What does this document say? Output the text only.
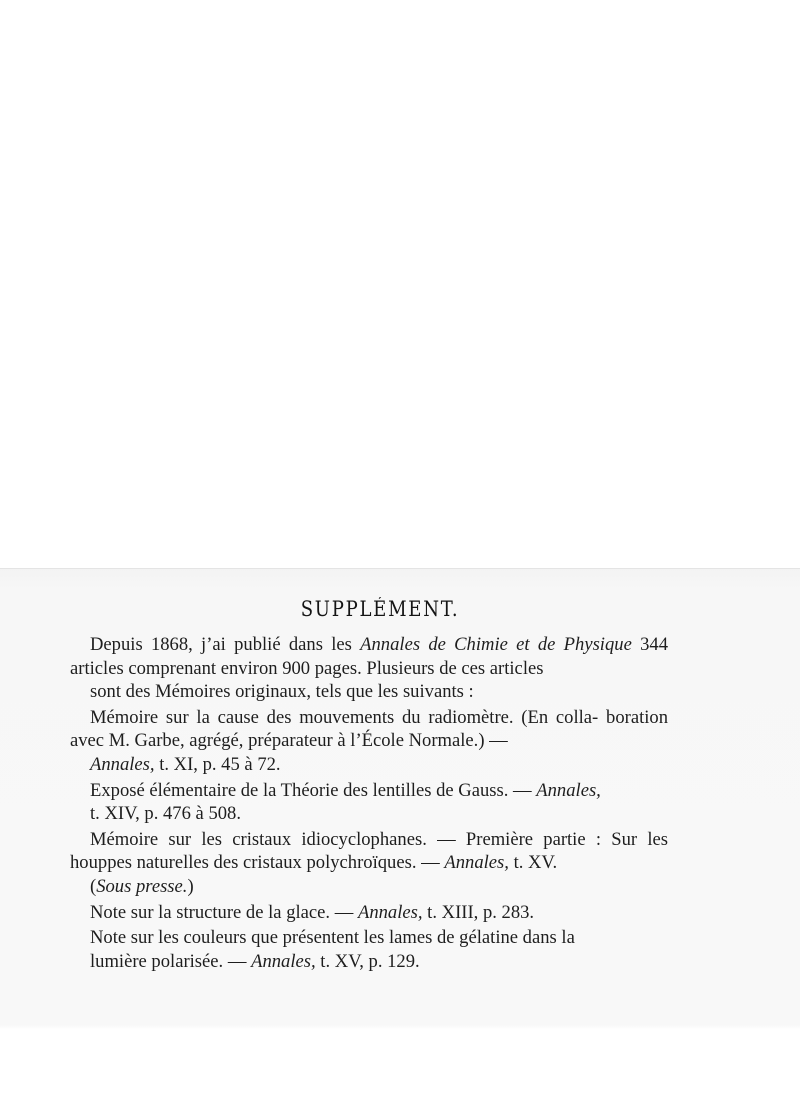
SUPPLÉMENT.

Depuis 1868, j’ai publié dans les Annales de Chimie et de Physique 344 articles comprenant environ 900 pages. Plusieurs de ces articles
sont des Mémoires originaux, tels que les suivants :

Mémoire sur la cause des mouvements du radiomètre. (En colla- boration avec M. Garbe, agrégé, préparateur à l’École Normale.) —
Annales, t. XI, p. 45 à 72.

Exposé élémentaire de la Théorie des lentilles de Gauss. — Annales,
t. XIV, p. 476 à 508.

Mémoire sur les cristaux idiocyclophanes. — Première partie : Sur les houppes naturelles des cristaux polychroïques. — Annales, t. XV.
(Sous presse.)

Note sur la structure de la glace. — Annales, t. XIII, p. 283.

Note sur les couleurs que présentent les lames de gélatine dans la
lumière polarisée. — Annales, t. XV, p. 129.
